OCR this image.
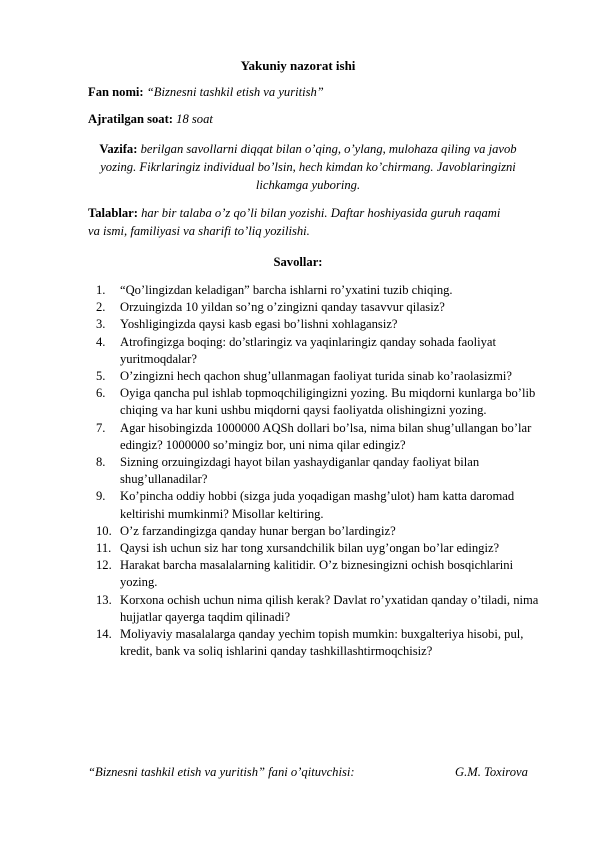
Yakuniy nazorat ishi
Fan nomi: “Biznesni tashkil etish va yuritish”
Ajratilgan soat: 18 soat
Vazifa: berilgan savollarni diqqat bilan o’qing, o’ylang, mulohaza qiling va javob
yozing. Fikrlaringiz individual bo’lsin, hech kimdan ko’chirmang. Javoblaringizni
lichkamga yuboring.
Talablar: har bir talaba o’z qo’li bilan yozishi. Daftar hoshiyasida guruh raqami
va ismi, familiyasi va sharifi to’liq yozilishi.
Savollar:
1. “Qo’lingizdan keladigan” barcha ishlarni ro’yxatini tuzib chiqing.
2. Orzuingizda 10 yildan so’ng o’zingizni qanday tasavvur qilasiz?
3. Yoshligingizda qaysi kasb egasi bo’lishni xohlagansiz?
4. Atrofingizga boqing: do’stlaringiz va yaqinlaringiz qanday sohada faoliyat yuritmoqdalar?
5. O’zingizni hech qachon shug’ullanmagan faoliyat turida sinab ko’raolasizmi?
6. Oyiga qancha pul ishlab topmoqchiligingizni yozing. Bu miqdorni kunlarga bo’lib chiqing va har kuni ushbu miqdorni qaysi faoliyatda olishingizni yozing.
7. Agar hisobingizda 1000000 AQSh dollari bo’lsa, nima bilan shug’ullangan bo’lar edingiz? 1000000 so’mingiz bor, uni nima qilar edingiz?
8. Sizning orzuingizdagi hayot bilan yashaydiganlar qanday faoliyat bilan shug’ullanadilar?
9. Ko’pincha oddiy hobbi (sizga juda yoqadigan mashg’ulot) ham katta daromad keltirishi mumkinmi? Misollar keltiring.
10. O’z farzandingizga qanday hunar bergan bo’lardingiz?
11. Qaysi ish uchun siz har tong xursandchilik bilan uyg’ongan bo’lar edingiz?
12. Harakat barcha masalalarning kalitidir. O’z biznesingizni ochish bosqichlarini yozing.
13. Korxona ochish uchun nima qilish kerak? Davlat ro’yxatidan qanday o’tiladi, nima hujjatlar qayerga taqdim qilinadi?
14. Moliyaviy masalalarga qanday yechim topish mumkin: buxgalteriya hisobi, pul, kredit, bank va soliq ishlarini qanday tashkillashtirmoqchisiz?
“Biznesni tashkil etish va yuritish” fani o’qituvchisi:	G.M. Toxirova
